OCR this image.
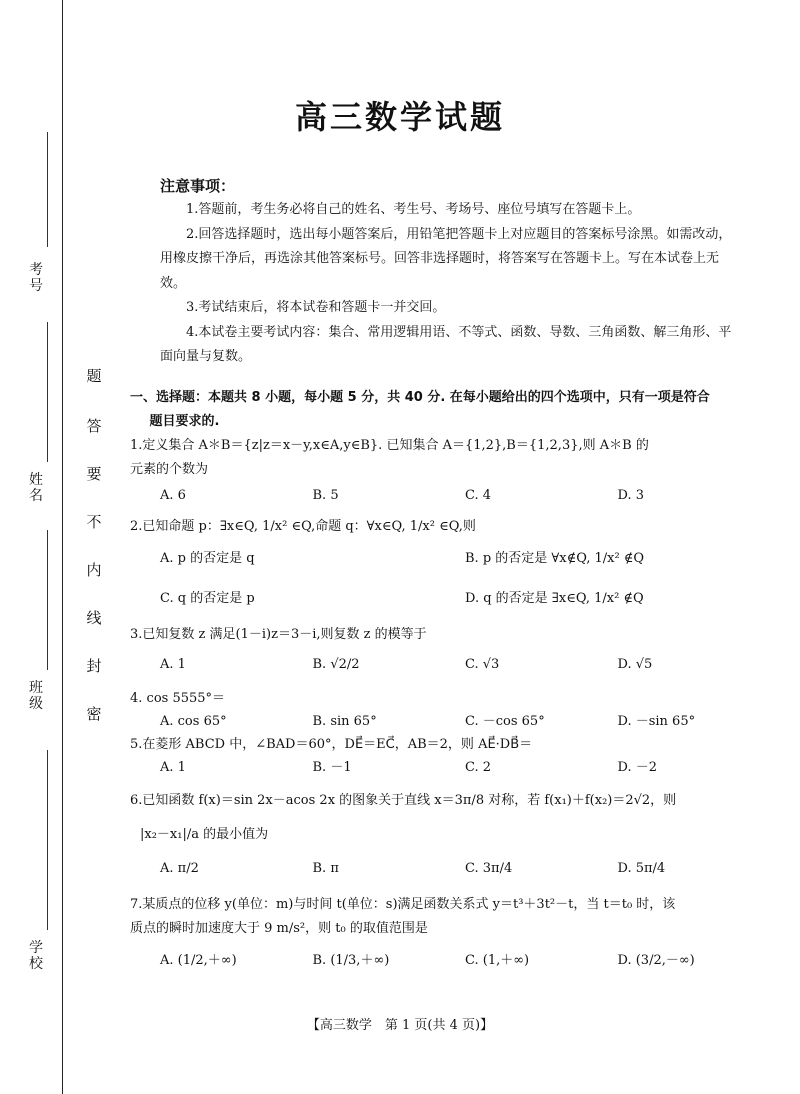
考号
姓名
班级
学校
密
封
线
内
不
要
答
题
高三数学试题
注意事项：

1.答题前，考生务必将自己的姓名、考生号、考场号、座位号填写在答题卡上。

2.回答选择题时，选出每小题答案后，用铅笔把答题卡上对应题目的答案标号涂黑。如需改动，用橡皮擦干净后，再选涂其他答案标号。回答非选择题时，将答案写在答题卡上。写在本试卷上无效。

3.考试结束后，将本试卷和答题卡一并交回。

4.本试卷主要考试内容：集合、常用逻辑用语、不等式、函数、导数、三角函数、解三角形、平面向量与复数。

一、选择题：本题共 8 小题，每小题 5 分，共 40 分. 在每小题给出的四个选项中，只有一项是符合
题目要求的.
1.定义集合 A＊B＝{z|z＝x－y,x∈A,y∈B}. 已知集合 A＝{1,2},B＝{1,2,3},则 A＊B 的
元素的个数为
A. 6	B. 5	C. 4	D. 3
2.已知命题 p：∃x∈Q, 1/x² ∈Q,命题 q：∀x∈Q, 1/x² ∈Q,则
A. p 的否定是 q	B. p 的否定是 ∀x∉Q, 1/x² ∉Q
C. q 的否定是 p	D. q 的否定是 ∃x∈Q, 1/x² ∉Q
3.已知复数 z 满足(1－i)z＝3－i,则复数 z 的模等于
A. 1	B. √2/2	C. √3	D. √5
4. cos 5555°＝
A. cos 65°	B. sin 65°	C. －cos 65°	D. －sin 65°
5.在菱形 ABCD 中，∠BAD＝60°，DE⃗＝EC⃗，AB＝2，则 AE⃗·DB⃗＝
A. 1	B. －1	C. 2	D. －2
6.已知函数 f(x)＝sin 2x－acos 2x 的图象关于直线 x＝3π/8 对称，若 f(x₁)＋f(x₂)＝2√2，则
|x₂－x₁|/a 的最小值为
A. π/2	B. π	C. 3π/4	D. 5π/4
7.某质点的位移 y(单位：m)与时间 t(单位：s)满足函数关系式 y＝t³＋3t²－t，当 t＝t₀ 时，该
质点的瞬时加速度大于 9 m/s²，则 t₀ 的取值范围是
A. (1/2,＋∞)	B. (1/3,＋∞)	C. (1,＋∞)	D. (3/2,－∞)
【高三数学　第 1 页(共 4 页)】
